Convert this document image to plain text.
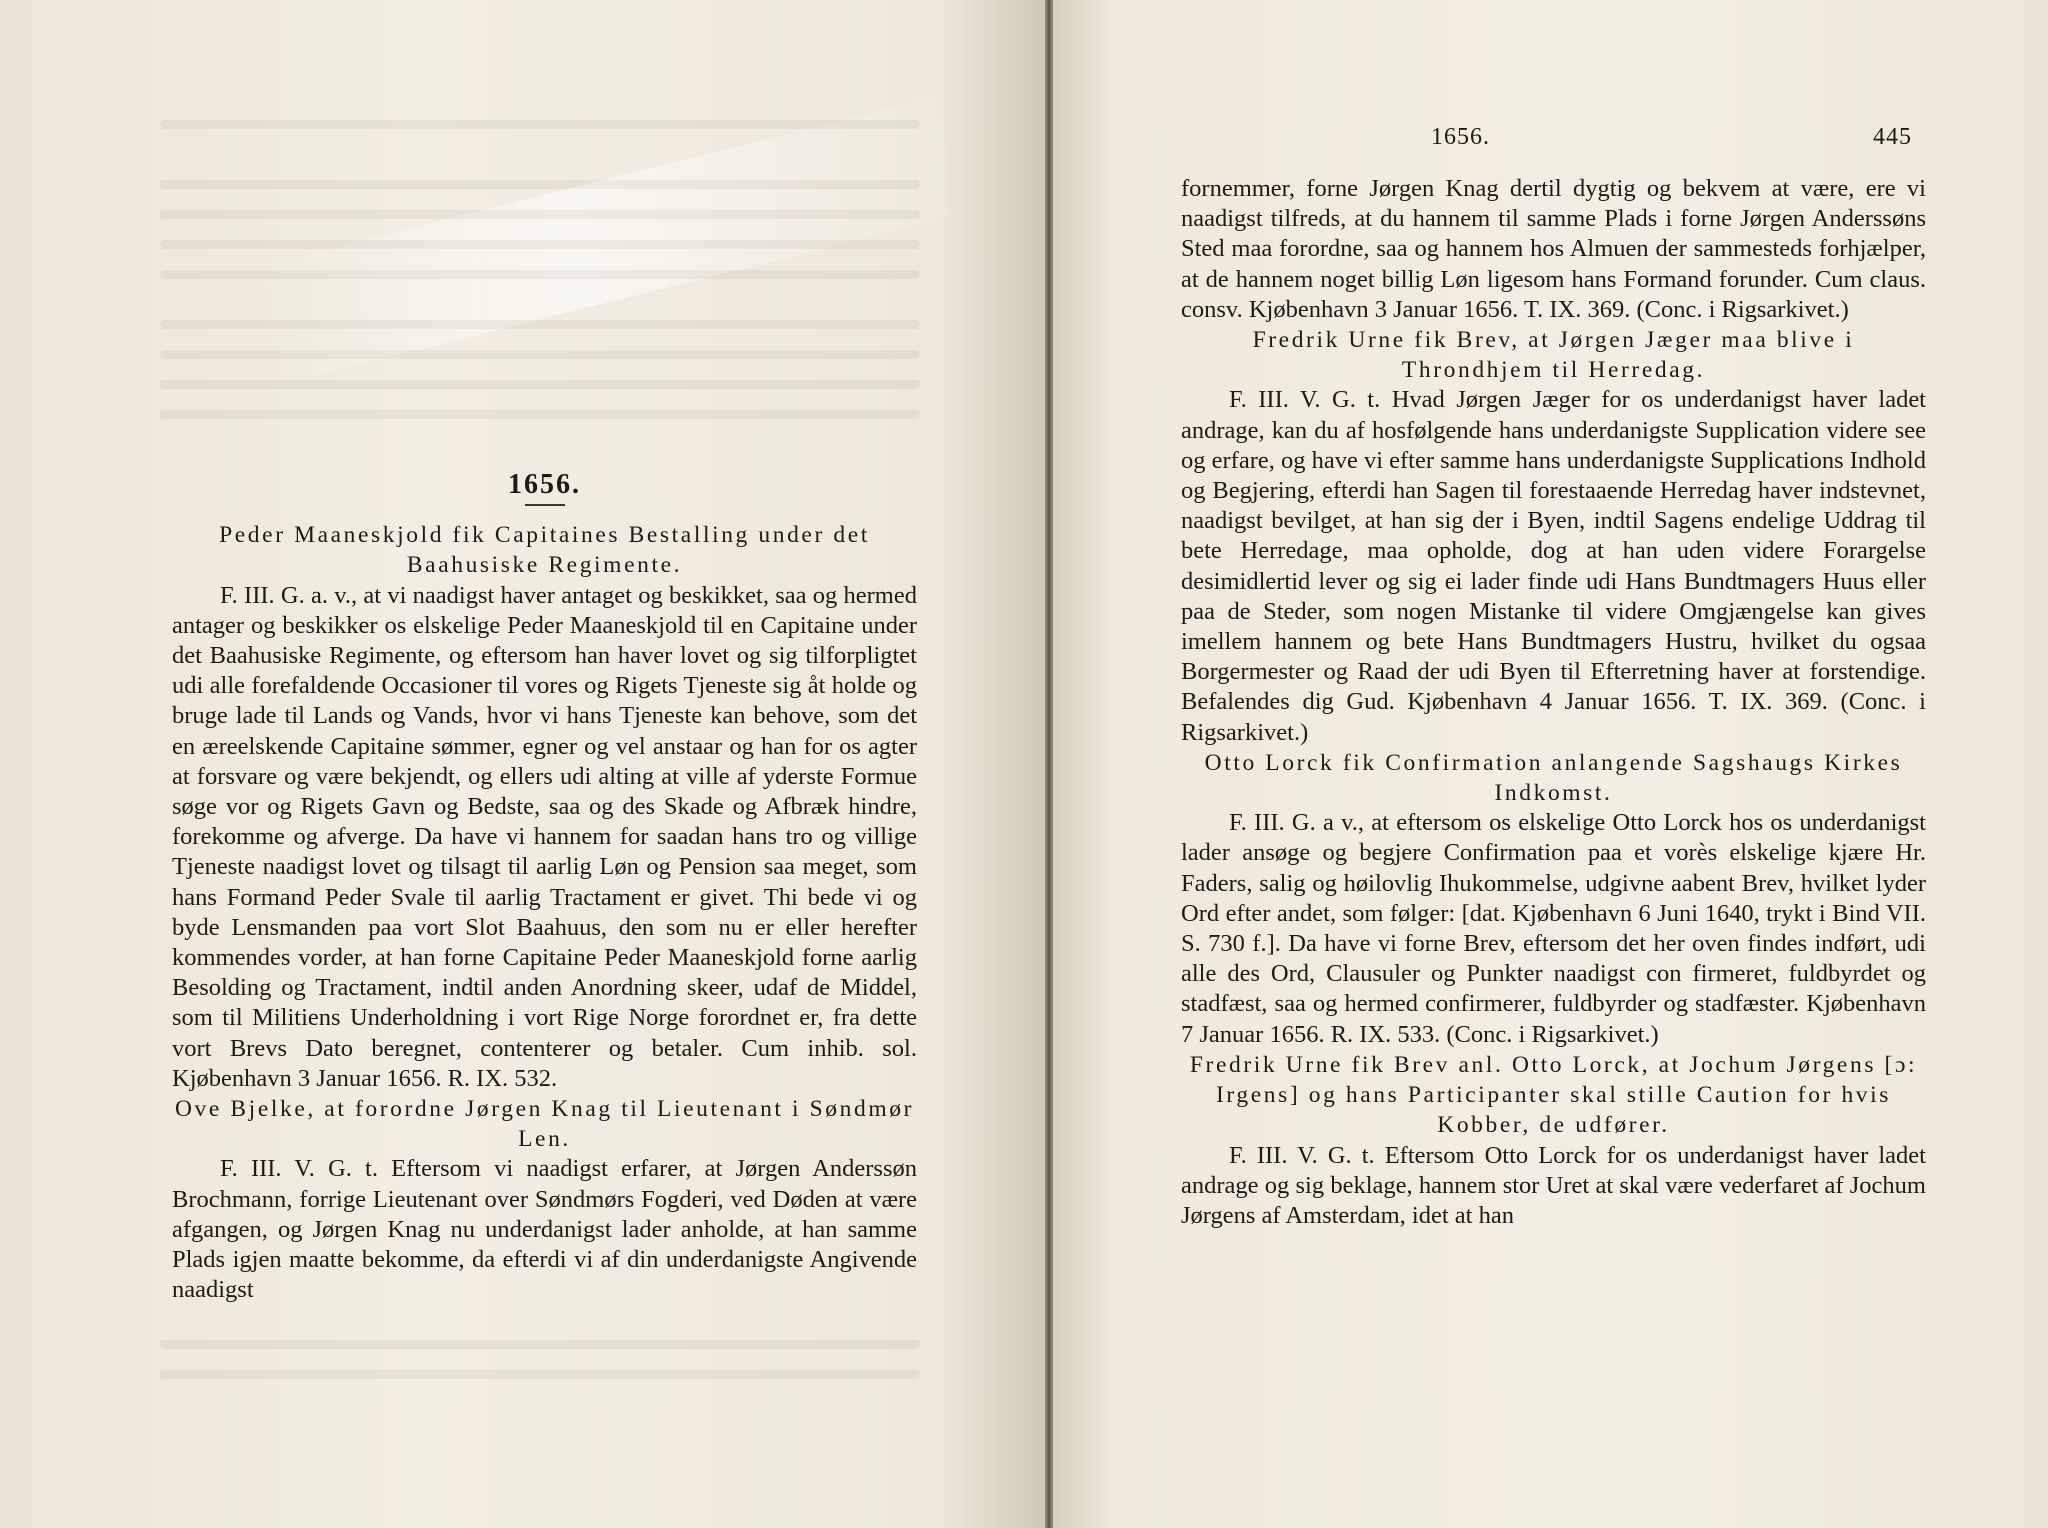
1656.

Peder Maaneskjold fik Capitaines Bestalling under det Baahusiske Regimente.

F. III. G. a. v., at vi naadigst haver antaget og beskikket, saa og hermed antager og beskikker os elskelige Peder Maaneskjold til en Capitaine under det Baahusiske Regimente, og eftersom han haver lovet og sig tilforpligtet udi alle forefaldende Occasioner til vores og Rigets Tjeneste sig åt holde og bruge lade til Lands og Vands, hvor vi hans Tjeneste kan behove, som det en æreelskende Capitaine sømmer, egner og vel anstaar og han for os agter at forsvare og være bekjendt, og ellers udi alting at ville af yderste Formue søge vor og Rigets Gavn og Bedste, saa og des Skade og Afbræk hindre, forekomme og afverge. Da have vi hannem for saadan hans tro og villige Tjeneste naadigst lovet og tilsagt til aarlig Løn og Pension saa meget, som hans Formand Peder Svale til aarlig Tractament er givet. Thi bede vi og byde Lensmanden paa vort Slot Baahuus, den som nu er eller herefter kommendes vorder, at han forne Capitaine Peder Maaneskjold forne aarlig Besolding og Tractament, indtil anden Anordning skeer, udaf de Middel, som til Militiens Underholdning i vort Rige Norge forordnet er, fra dette vort Brevs Dato beregnet, contenterer og betaler. Cum inhib. sol. Kjøbenhavn 3 Januar 1656. R. IX. 532.

Ove Bjelke, at forordne Jørgen Knag til Lieutenant i Søndmør Len.

F. III. V. G. t. Eftersom vi naadigst erfarer, at Jørgen Anderssøn Brochmann, forrige Lieutenant over Søndmørs Fogderi, ved Døden at være afgangen, og Jørgen Knag nu underdanigst lader anholde, at han samme Plads igjen maatte bekomme, da efterdi vi af din underdanigste Angivende naadigst

1656.	445

fornemmer, forne Jørgen Knag dertil dygtig og bekvem at være, ere vi naadigst tilfreds, at du hannem til samme Plads i forne Jørgen Anderssøns Sted maa forordne, saa og hannem hos Almuen der sammesteds forhjælper, at de hannem noget billig Løn ligesom hans Formand forunder. Cum claus. consv. Kjøbenhavn 3 Januar 1656. T. IX. 369. (Conc. i Rigsarkivet.)

Fredrik Urne fik Brev, at Jørgen Jæger maa blive i Throndhjem til Herredag.

F. III. V. G. t. Hvad Jørgen Jæger for os underdanigst haver ladet andrage, kan du af hosfølgende hans underdanigste Supplication videre see og erfare, og have vi efter samme hans underdanigste Supplications Indhold og Begjering, efterdi han Sagen til forestaaende Herredag haver indstevnet, naadigst bevilget, at han sig der i Byen, indtil Sagens endelige Uddrag til bete Herredage, maa opholde, dog at han uden videre Forargelse desimidlertid lever og sig ei lader finde udi Hans Bundtmagers Huus eller paa de Steder, som nogen Mistanke til videre Omgjængelse kan gives imellem hannem og bete Hans Bundtmagers Hustru, hvilket du ogsaa Borgermester og Raad der udi Byen til Efterretning haver at forstendige. Befalendes dig Gud. Kjøbenhavn 4 Januar 1656. T. IX. 369. (Conc. i Rigsarkivet.)

Otto Lorck fik Confirmation anlangende Sagshaugs Kirkes Indkomst.

F. III. G. a v., at eftersom os elskelige Otto Lorck hos os underdanigst lader ansøge og begjere Confirmation paa et vorès elskelige kjære Hr. Faders, salig og høilovlig Ihukommelse, udgivne aabent Brev, hvilket lyder Ord efter andet, som følger: [dat. Kjøbenhavn 6 Juni 1640, trykt i Bind VII. S. 730 f.]. Da have vi forne Brev, eftersom det her oven findes indført, udi alle des Ord, Clausuler og Punkter naadigst con firmeret, fuldbyrdet og stadfæst, saa og hermed confirmerer, fuldbyrder og stadfæster. Kjøbenhavn 7 Januar 1656. R. IX. 533. (Conc. i Rigsarkivet.)

Fredrik Urne fik Brev anl. Otto Lorck, at Jochum Jørgens [ɔ: Irgens] og hans Participanter skal stille Caution for hvis Kobber, de udfører.

F. III. V. G. t. Eftersom Otto Lorck for os underdanigst haver ladet andrage og sig beklage, hannem stor Uret at skal være vederfaret af Jochum Jørgens af Amsterdam, idet at han
